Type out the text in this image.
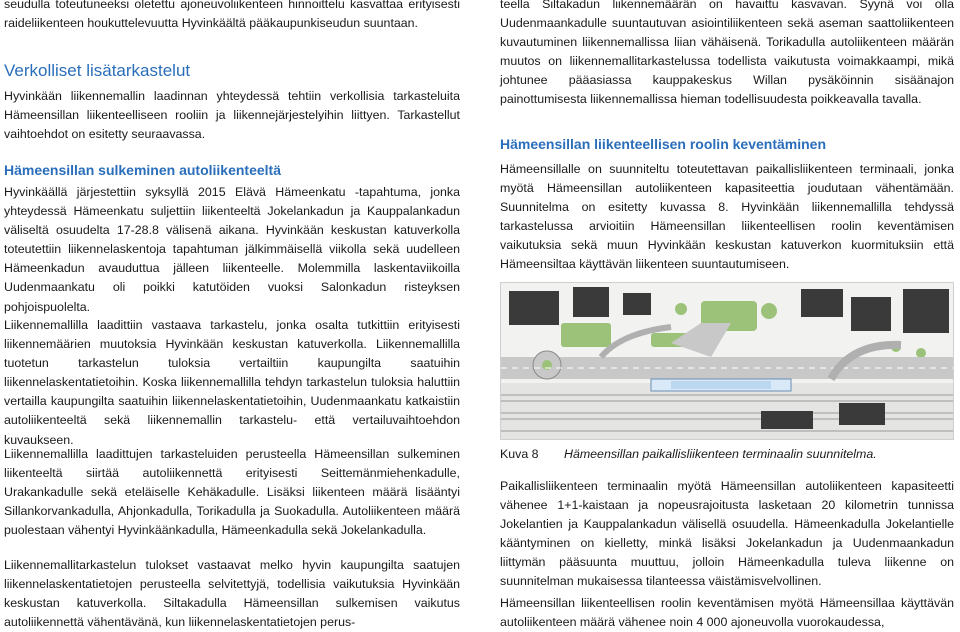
seudulla toteutuneeksi oletettu ajoneuvoliikenteen hinnoittelu kasvattaa erityisesti raideliikenteen houkuttelevuutta Hyvinkäältä pääkaupunkiseudun suuntaan.

Verkolliset lisätarkastelut

Hyvinkään liikennemallin laadinnan yhteydessä tehtiin verkollisia tarkasteluita Hämeensillan liikenteelliseen rooliin ja liikennejärjestelyihin liittyen. Tarkastellut vaihtoehdot on esitetty seuraavassa.

Hämeensillan sulkeminen autoliikenteeltä

Hyvinkäällä järjestettiin syksyllä 2015 Elävä Hämeenkatu -tapahtuma, jonka yhteydessä Hämeenkatu suljettiin liikenteeltä Jokelankadun ja Kauppalankadun väliseltä osuudelta 17-28.8 välisenä aikana. Hyvinkään keskustan katuverkolla toteutettiin liikennelaskentoja tapahtuman jälkimmäisellä viikolla sekä uudelleen Hämeenkadun avauduttua jälleen liikenteelle. Molemmilla laskentaviikoilla Uudenmaankatu oli poikki katutöiden vuoksi Salonkadun risteyksen pohjoispuolelta.

Liikennemallilla laadittiin vastaava tarkastelu, jonka osalta tutkittiin erityisesti liikennemäärien muutoksia Hyvinkään keskustan katuverkolla. Liikennemallilla tuotetun tarkastelun tuloksia vertailtiin kaupungilta saatuihin liikennelaskentatietoihin. Koska liikennemallilla tehdyn tarkastelun tuloksia haluttiin vertailla kaupungilta saatuihin liikennelaskentatietoihin, Uudenmaankatu katkaistiin autoliikenteeltä sekä liikennemallin tarkastelu- että vertailuvaihtoehdon kuvaukseen.

Liikennemallilla laadittujen tarkasteluiden perusteella Hämeensillan sulkeminen liikenteeltä siirtää autoliikennettä erityisesti Seittemänmiehenkadulle, Urakankadulle sekä eteläiselle Kehäkadulle. Lisäksi liikenteen määrä lisääntyi Sillankorvankadulla, Ahjonkadulla, Torikadulla ja Suokadulla. Autoliikenteen määrä puolestaan vähentyi Hyvinkäänkadulla, Hämeenkadulla sekä Jokelankadulla.

Liikennemallitarkastelun tulokset vastaavat melko hyvin kaupungilta saatujen liikennelaskentatietojen perusteella selvitettyjä, todellisia vaikutuksia Hyvinkään keskustan katuverkolla. Siltakadulla Hämeensillan sulkemisen vaikutus autoliikennettä vähentävänä, kun liikennelaskentatietojen perus-

teella Siltakadun liikennemäärän on havaittu kasvavan. Syynä voi olla Uudenmaankadulle suuntautuvan asiointiliikenteen sekä aseman saattoliikenteen kuvautuminen liikennemallissa liian vähäisenä. Torikadulla autoliikenteen määrän muutos on liikennemallitarkastelussa todellista vaikutusta voimakkaampi, mikä johtunee pääasiassa kauppakeskus Willan pysäköinnin sisäänajon painottumisesta liikennemallissa hieman todellisuudesta poikkeavalla tavalla.

Hämeensillan liikenteellisen roolin keventäminen

Hämeensillalle on suunniteltu toteutettavan paikallisliikenteen terminaali, jonka myötä Hämeensillan autoliikenteen kapasiteettia joudutaan vähentämään. Suunnitelma on esitetty kuvassa 8. Hyvinkään liikennemallilla tehdyssä tarkastelussa arvioitiin Hämeensillan liikenteellisen roolin keventämisen vaikutuksia sekä muun Hyvinkään keskustan katuverkon kuormituksiin että Hämeensiltaa käyttävän liikenteen suuntautumiseen.

Kuva 8 Hämeensillan paikallisliikenteen terminaalin suunnitelma.

Paikallisliikenteen terminaalin myötä Hämeensillan autoliikenteen kapasiteetti vähenee 1+1-kaistaan ja nopeusrajoitusta lasketaan 20 kilometrin tunnissa Jokelantien ja Kauppalankadun välisellä osuudella. Hämeenkadulla Jokelantielle kääntyminen on kielletty, minkä lisäksi Jokelankadun ja Uudenmaankadun liittymän pääsuunta muuttuu, jolloin Hämeenkadulla tuleva liikenne on suunnitelman mukaisessa tilanteessa väistämisvelvollinen.

Hämeensillan liikenteellisen roolin keventämisen myötä Hämeensillaa käyttävän autoliikenteen määrä vähenee noin 4 000 ajoneuvolla vuorokaudessa,
